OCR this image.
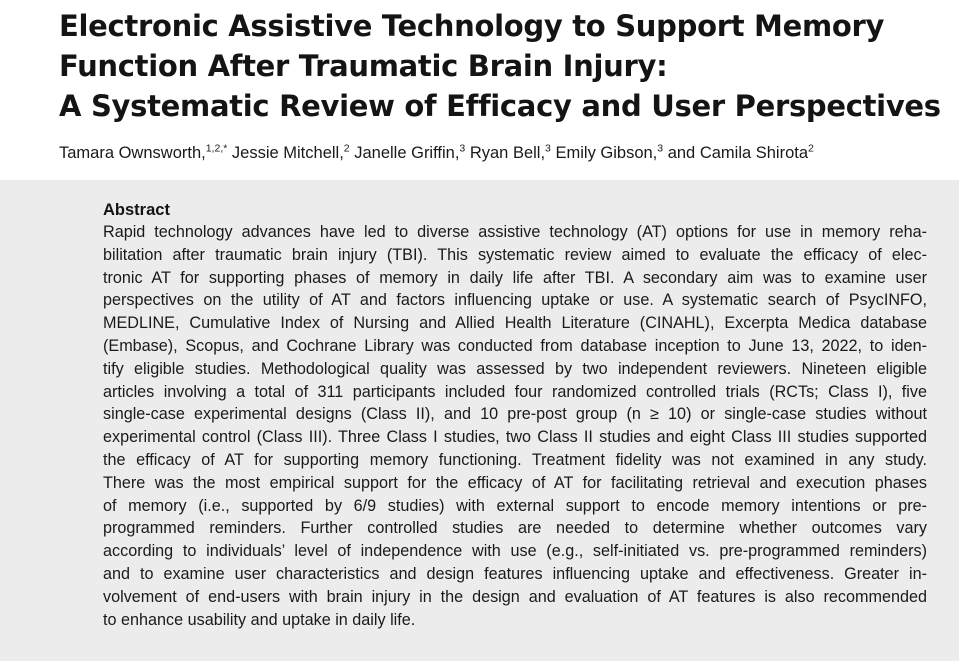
Electronic Assistive Technology to Support Memory
Function After Traumatic Brain Injury:
A Systematic Review of Efficacy and User Perspectives
Tamara Ownsworth,$^{1,2,*}$ Jessie Mitchell,$^2$ Janelle Griffin,$^3$ Ryan Bell,$^3$ Emily Gibson,$^3$ and Camila Shirota$^2$
Abstract
Rapid technology advances have led to diverse assistive technology (AT) options for use in memory reha-
bilitation after traumatic brain injury (TBI). This systematic review aimed to evaluate the efficacy of elec-
tronic AT for supporting phases of memory in daily life after TBI. A secondary aim was to examine user
perspectives on the utility of AT and factors influencing uptake or use. A systematic search of PsycINFO,
MEDLINE, Cumulative Index of Nursing and Allied Health Literature (CINAHL), Excerpta Medica database
(Embase), Scopus, and Cochrane Library was conducted from database inception to June 13, 2022, to iden-
tify eligible studies. Methodological quality was assessed by two independent reviewers. Nineteen eligible
articles involving a total of 311 participants included four randomized controlled trials (RCTs; Class I), five
single-case experimental designs (Class II), and 10 pre-post group (n ≥ 10) or single-case studies without
experimental control (Class III). Three Class I studies, two Class II studies and eight Class III studies supported
the efficacy of AT for supporting memory functioning. Treatment fidelity was not examined in any study.
There was the most empirical support for the efficacy of AT for facilitating retrieval and execution phases
of memory (i.e., supported by 6/9 studies) with external support to encode memory intentions or pre-
programmed reminders. Further controlled studies are needed to determine whether outcomes vary
according to individuals’ level of independence with use (e.g., self-initiated vs. pre-programmed reminders)
and to examine user characteristics and design features influencing uptake and effectiveness. Greater in-
volvement of end-users with brain injury in the design and evaluation of AT features is also recommended
to enhance usability and uptake in daily life.
